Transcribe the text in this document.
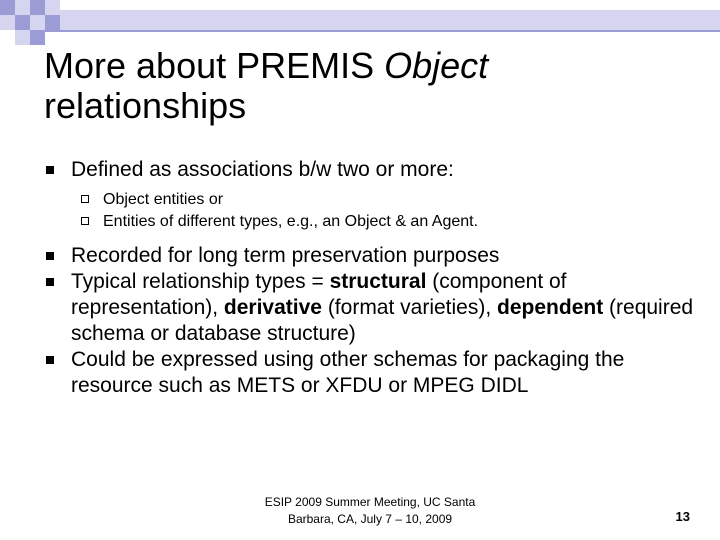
More about PREMIS Object
relationships
Defined as associations b/w two or more:
Object entities or
Entities of different types, e.g., an Object & an Agent.
Recorded for long term preservation purposes
Typical relationship types = structural (component of representation), derivative (format varieties), dependent (required schema or database structure)
Could be expressed using other schemas for packaging the resource such as METS or XFDU or MPEG DIDL
ESIP 2009 Summer Meeting, UC Santa
Barbara, CA, July 7 – 10, 2009	13
